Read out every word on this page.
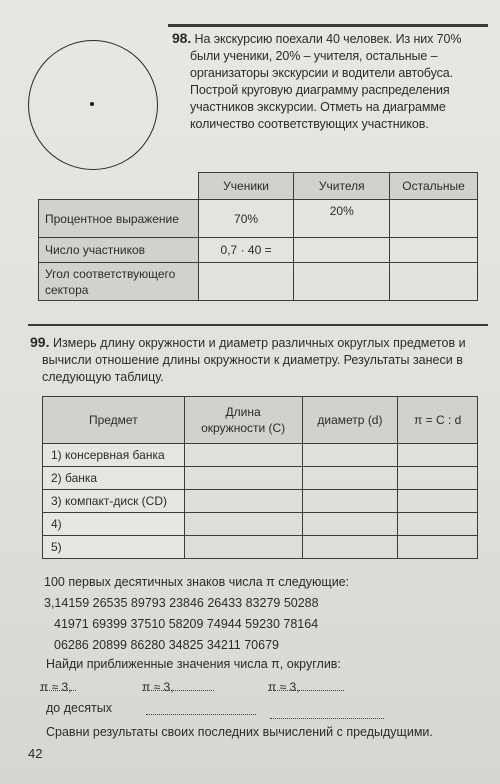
98. На экскурсию поехали 40 человек. Из них 70%

были ученики, 20% – учителя, остальные –

организаторы экскурсии и водители автобуса.

Построй круговую диаграмму распределения

участников экскурсии. Отметь на диаграмме

количество соответствующих участников.

	Ученики	Учителя	Остальные
Процентное выражение	70%	20%	
Число участников	0,7 · 40 =		
Угол соответствующего сектора			

99. Измерь длину окружности и диаметр различных округлых предметов и

вычисли отношение длины окружности к диаметру. Результаты занеси в

следующую таблицу.

Предмет	Длина окружности (C)	диаметр (d)	π = C : d
1) консервная банка			
2) банка			
3) компакт-диск (CD)			
4)			
5)			

100 первых десятичных знаков числа π следующие:

3,14159 26535 89793 23846 26433 83279 50288

41971 69399 37510 58209 74944 59230 78164

06286 20899 86280 34825 34211 70679

Найди приближенные значения числа π, округлив:
π ≈ 3,	π ≈ 3,	π ≈ 3,
до десятых
Сравни результаты своих последних вычислений с предыдущими.
42
